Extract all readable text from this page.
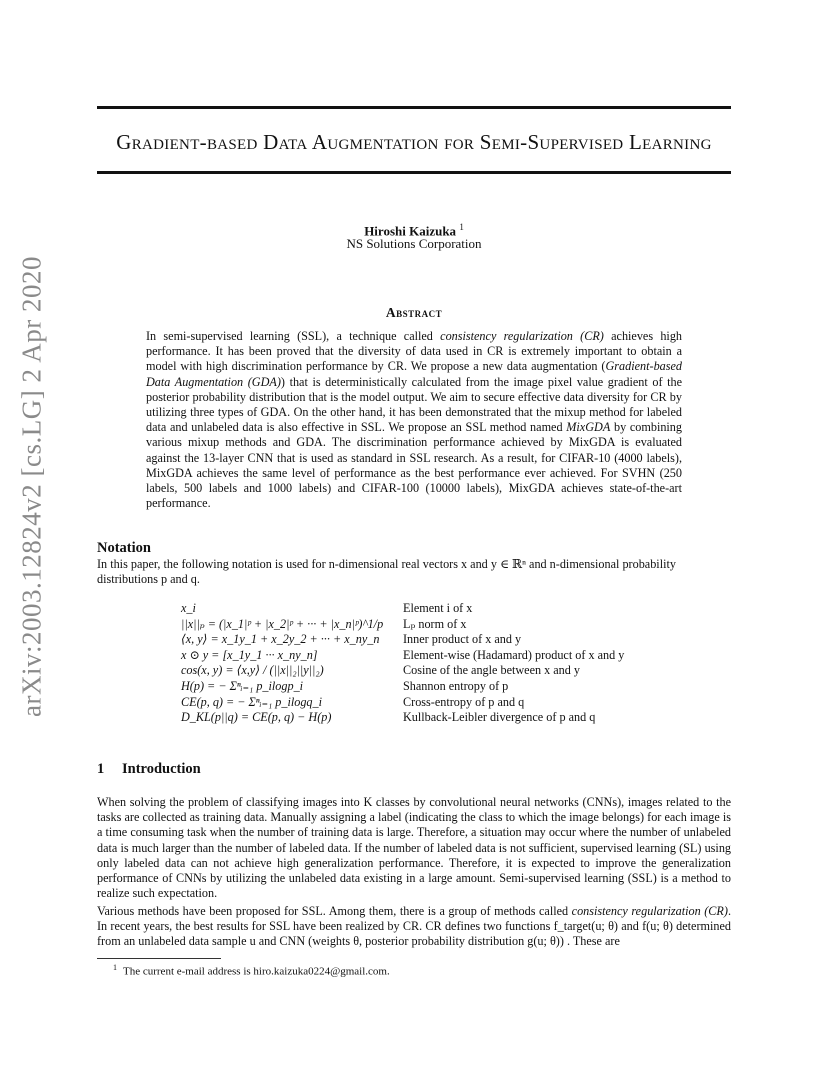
arXiv:2003.12824v2 [cs.LG] 2 Apr 2020
Gradient-based Data Augmentation for Semi-Supervised Learning
Hiroshi Kaizuka $^1$
NS Solutions Corporation
Abstract
In semi-supervised learning (SSL), a technique called consistency regularization (CR) achieves high performance. It has been proved that the diversity of data used in CR is extremely important to obtain a model with high discrimination performance by CR. We propose a new data augmentation (Gradient-based Data Augmentation (GDA)) that is deterministically calculated from the image pixel value gradient of the posterior probability distribution that is the model output. We aim to secure effective data diversity for CR by utilizing three types of GDA. On the other hand, it has been demonstrated that the mixup method for labeled data and unlabeled data is also effective in SSL. We propose an SSL method named MixGDA by combining various mixup methods and GDA. The discrimination performance achieved by MixGDA is evaluated against the 13-layer CNN that is used as standard in SSL research. As a result, for CIFAR-10 (4000 labels), MixGDA achieves the same level of performance as the best performance ever achieved. For SVHN (250 labels, 500 labels and 1000 labels) and CIFAR-100 (10000 labels), MixGDA achieves state-of-the-art performance.
Notation
In this paper, the following notation is used for n-dimensional real vectors x and y ∈ ℝⁿ and n-dimensional probability distributions p and q.
x_i	Element i of x
||x||ₚ = (|x_1|ᵖ + |x_2|ᵖ + ··· + |x_n|ᵖ)^1/p	Lₚ norm of x
⟨x, y⟩ = x_1y_1 + x_2y_2 + ··· + x_ny_n	Inner product of x and y
x ⊙ y = [x_1y_1 ··· x_ny_n]	Element-wise (Hadamard) product of x and y
cos(x, y) = ⟨x,y⟩ / (||x||₂||y||₂)	Cosine of the angle between x and y
H(p) = − Σⁿᵢ₌₁ p_ilogp_i	Shannon entropy of p
CE(p, q) = − Σⁿᵢ₌₁ p_ilogq_i	Cross-entropy of p and q
D_KL(p||q) = CE(p, q) − H(p)	Kullback-Leibler divergence of p and q
1 Introduction
When solving the problem of classifying images into K classes by convolutional neural networks (CNNs), images related to the tasks are collected as training data. Manually assigning a label (indicating the class to which the image belongs) for each image is a time consuming task when the number of training data is large. Therefore, a situation may occur where the number of unlabeled data is much larger than the number of labeled data. If the number of labeled data is not sufficient, supervised learning (SL) using only labeled data can not achieve high generalization performance. Therefore, it is expected to improve the generalization performance of CNNs by utilizing the unlabeled data existing in a large amount. Semi-supervised learning (SSL) is a method to realize such expectation.
Various methods have been proposed for SSL. Among them, there is a group of methods called consistency regularization (CR). In recent years, the best results for SSL have been realized by CR. CR defines two functions f_target(u; θ) and f(u; θ) determined from an unlabeled data sample u and CNN (weights θ, posterior probability distribution g(u; θ)) . These are
$^1$ The current e-mail address is hiro.kaizuka0224@gmail.com.
